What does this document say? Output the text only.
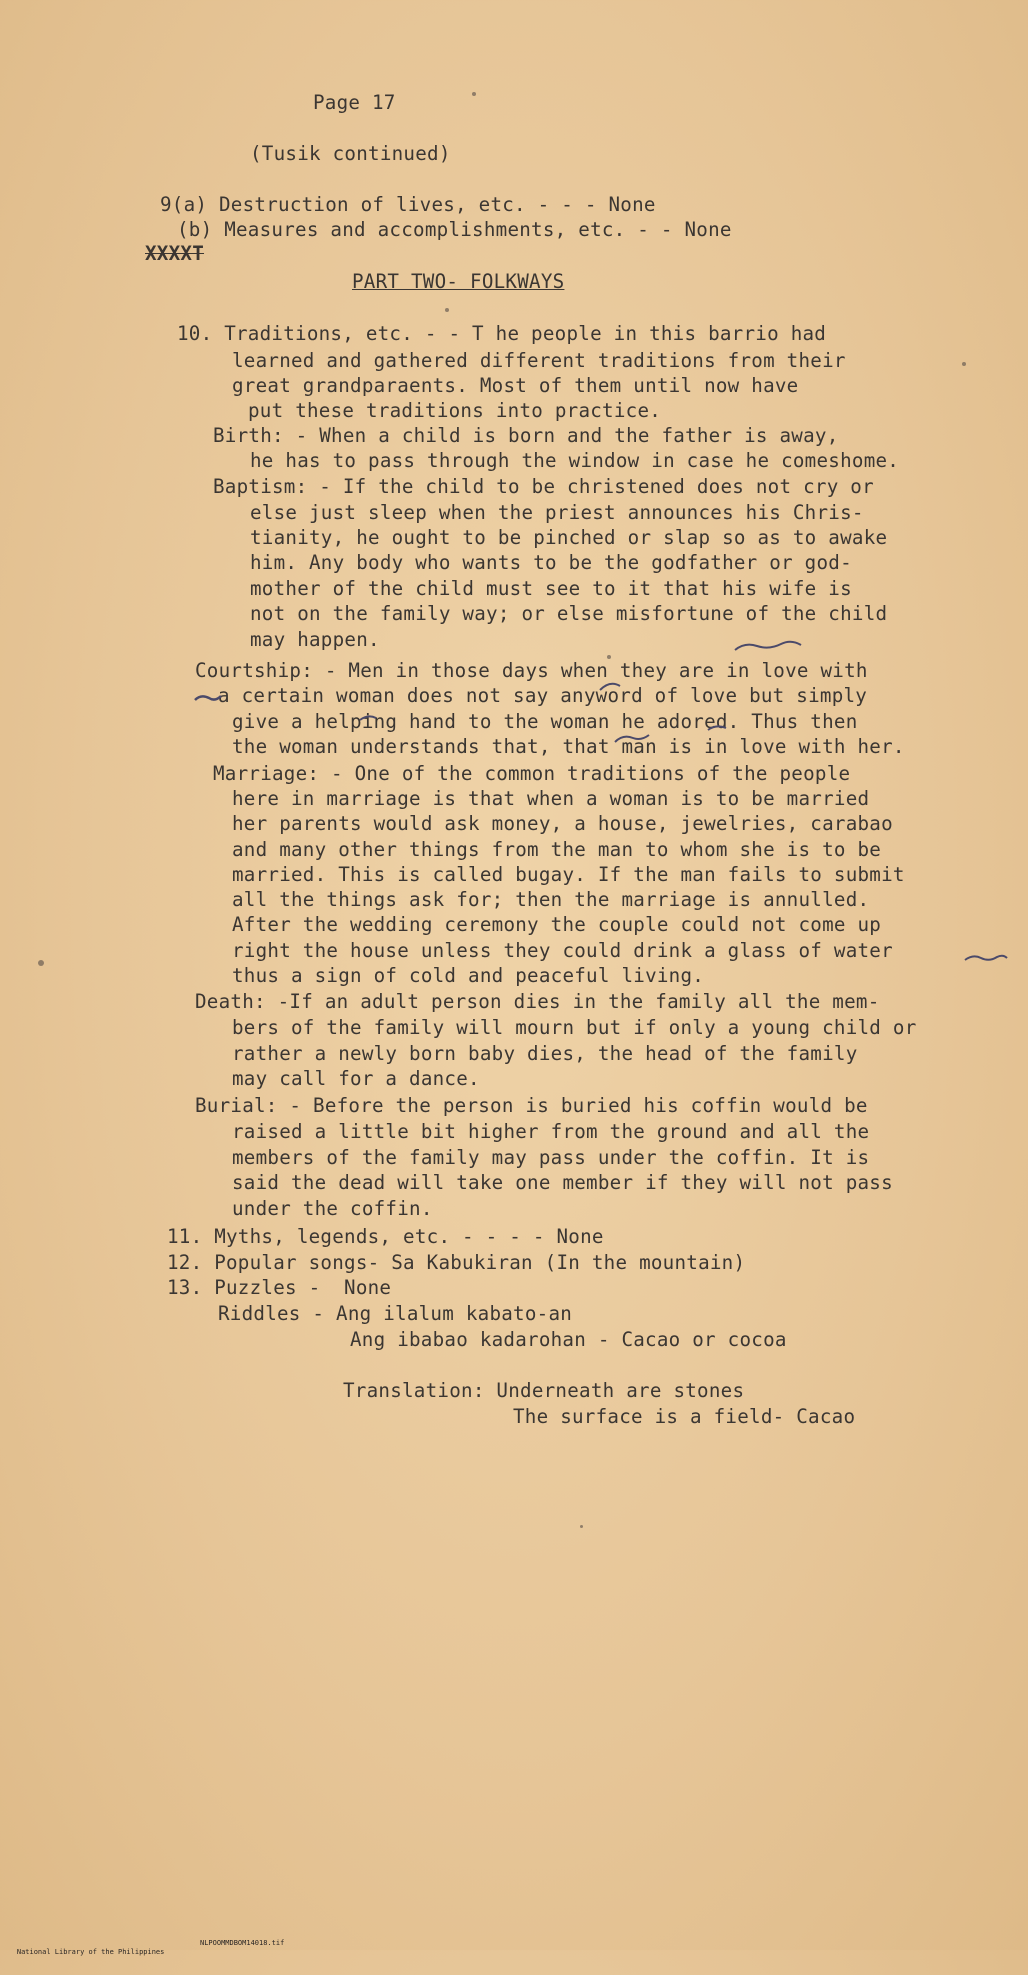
Page 17
(Tusik continued)
9(a) Destruction of lives, etc. - - - None
(b) Measures and accomplishments, etc. - - None
XXXXT
PART TWO- FOLKWAYS
10. Traditions, etc. - - T he people in this barrio had
learned and gathered different traditions from their
great grandparaents. Most of them until now have
put these traditions into practice.
Birth: - When a child is born and the father is away,
he has to pass through the window in case he comeshome.
Baptism: - If the child to be christened does not cry or
else just sleep when the priest announces his Chris-
tianity, he ought to be pinched or slap so as to awake
him. Any body who wants to be the godfather or god-
mother of the child must see to it that his wife is
not on the family way; or else misfortune of the child
may happen.
Courtship: - Men in those days when they are in love with
a certain woman does not say anyword of love but simply
give a helping hand to the woman he adored. Thus then
the woman understands that, that man is in love with her.
Marriage: - One of the common traditions of the people
here in marriage is that when a woman is to be married
her parents would ask money, a house, jewelries, carabao
and many other things from the man to whom she is to be
married. This is called bugay. If the man fails to submit
all the things ask for; then the marriage is annulled.
After the wedding ceremony the couple could not come up
right the house unless they could drink a glass of water
thus a sign of cold and peaceful living.
Death: -If an adult person dies in the family all the mem-
bers of the family will mourn but if only a young child or
rather a newly born baby dies, the head of the family
may call for a dance.
Burial: - Before the person is buried his coffin would be
raised a little bit higher from the ground and all the
members of the family may pass under the coffin. It is
said the dead will take one member if they will not pass
under the coffin.
11. Myths, legends, etc. - - - - None
12. Popular songs- Sa Kabukiran (In the mountain)
13. Puzzles -  None
Riddles - Ang ilalum kabato-an
Ang ibabao kadarohan - Cacao or cocoa
Translation: Underneath are stones
The surface is a field- Cacao

National Library of the Philippines

NLPOOMMDBOM14018.tif
